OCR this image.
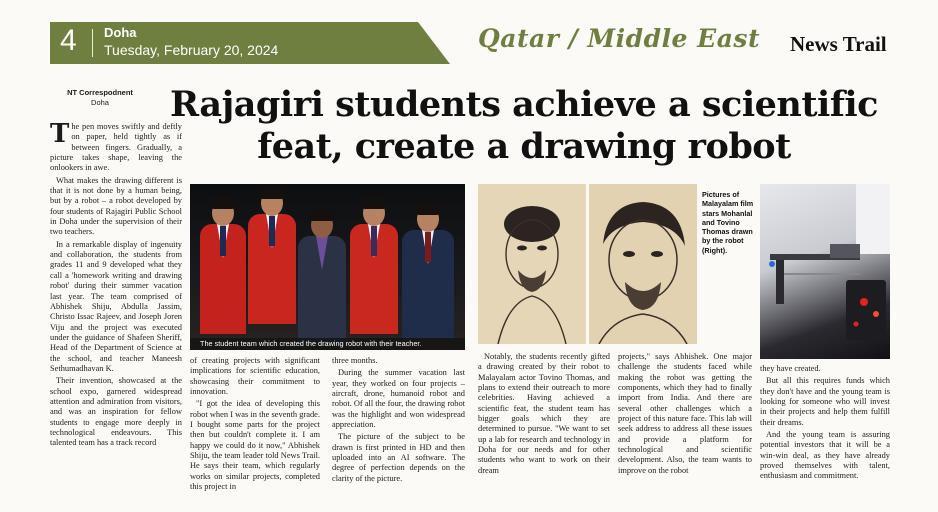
4 Doha
Tuesday, February 20, 2024	Qatar / Middle East News Trail
NT Correspodnent
Doha	Rajagiri students achieve a scientific
feat, create a drawing robot

The pen moves swiftly and deftly on paper, held tightly as if between fingers. Gradually, a picture takes shape, leaving the onlookers in awe.

What makes the drawing different is that it is not done by a human being, but by a robot – a robot developed by four students of Rajagiri Public School in Doha under the supervision of their two teachers.

In a remarkable display of ingenuity and collaboration, the students from grades 11 and 9 developed what they call a 'homework writing and drawing robot' during their summer vacation last year. The team comprised of Abhishek Shiju, Abdulla Jassim, Christo Issac Rajeev, and Joseph Joren Viju and the project was executed under the guidance of Shafeen Sheriff, Head of the Department of Science at the school, and teacher Maneesh Sethumadhavan K.

Their invention, showcased at the school expo, garnered widespread attention and admiration from visitors, and was an inspiration for fellow students to engage more deeply in technological endeavours. This talented team has a track record

The student team which created the drawing robot with their teacher.

of creating projects with significant implications for scientific education, showcasing their commitment to innovation.

"I got the idea of developing this robot when I was in the seventh grade. I bought some parts for the project then but couldn't complete it. I am happy we could do it now," Abhishek Shiju, the team leader told News Trail. He says their team, which regularly works on similar projects, completed this project in

three months.

During the summer vacation last year, they worked on four projects – aircraft, drone, humanoid robot and robot. Of all the four, the drawing robot was the highlight and won widespread appreciation.

The picture of the subject to be drawn is first printed in HD and then uploaded into an AI software. The degree of perfection depends on the clarity of the picture.

Pictures of Malayalam film stars Mohanlal and Tovino Thomas drawn by the robot (Right).

Notably, the students recently gifted a drawing created by their robot to Malayalam actor Tovino Thomas, and plans to extend their outreach to more celebrities. Having achieved a scientific feat, the student team has bigger goals which they are determined to pursue. "We want to set up a lab for research and technology in Doha for our needs and for other students who want to work on their dream

projects," says Abhishek. One major challenge the students faced while making the robot was getting the components, which they had to finally import from India. And there are several other challenges which a project of this nature face. This lab will seek address to address all these issues and provide a platform for technological and scientific development. Also, the team wants to improve on the robot

they have created.

But all this requires funds which they don't have and the young team is looking for someone who will invest in their projects and help them fulfill their dreams.

And the young team is assuring potential investors that it will be a win-win deal, as they have already proved themselves with talent, enthusiasm and commitment.
